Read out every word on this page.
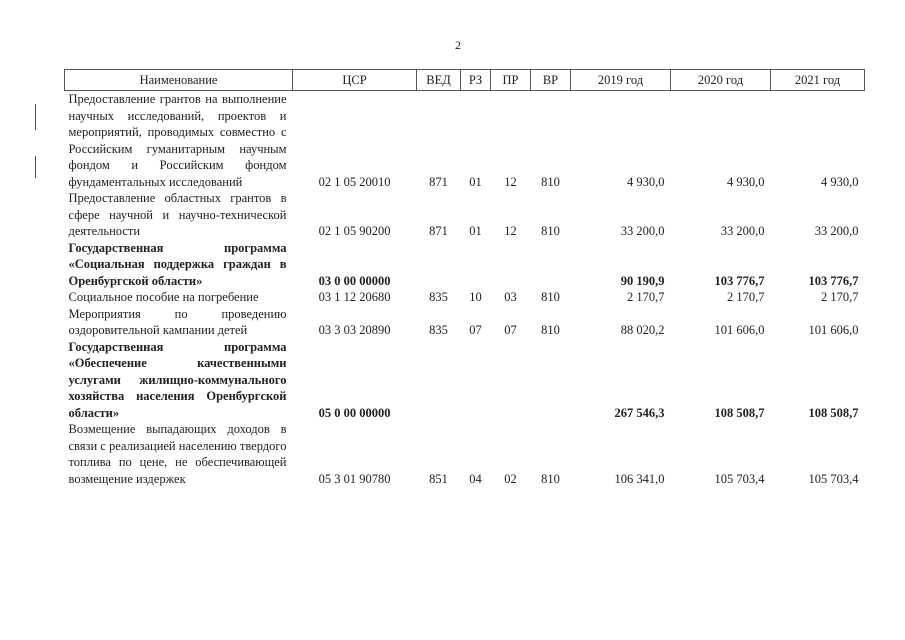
2
Наименование	ЦСР	ВЕД	РЗ	ПР	ВР	2019 год	2020 год	2021 год
Предоставление грантов на выполнение научных исследований, проектов и мероприятий, проводимых совместно с Российским гуманитарным научным фондом и Российским фондом фундаментальных исследований	02 1 05 20010	871	01	12	810	4 930,0	4 930,0	4 930,0
Предоставление областных грантов в сфере научной и научно-технической деятельности	02 1 05 90200	871	01	12	810	33 200,0	33 200,0	33 200,0
Государственная программа «Социальная поддержка граждан в Оренбургской области»	03 0 00 00000					90 190,9	103 776,7	103 776,7
Социальное пособие на погребение	03 1 12 20680	835	10	03	810	2 170,7	2 170,7	2 170,7
Мероприятия по проведению оздоровительной кампании детей	03 3 03 20890	835	07	07	810	88 020,2	101 606,0	101 606,0
Государственная программа «Обеспечение качественными услугами жилищно-коммунального хозяйства населения Оренбургской области»	05 0 00 00000					267 546,3	108 508,7	108 508,7
Возмещение выпадающих доходов в связи с реализацией населению твердого топлива по цене, не обеспечивающей возмещение издержек	05 3 01 90780	851	04	02	810	106 341,0	105 703,4	105 703,4
